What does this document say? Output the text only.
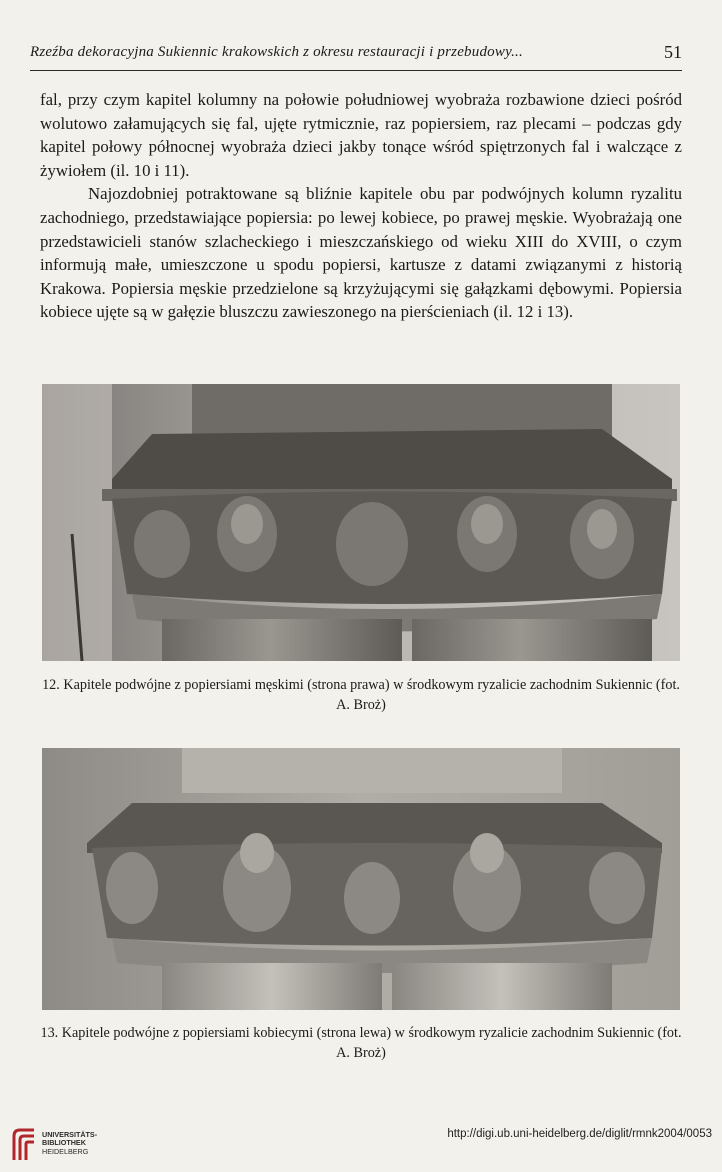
Rzeźba dekoracyjna Sukiennic krakowskich z okresu restauracji i przebudowy...	51

fal, przy czym kapitel kolumny na połowie południowej wyobraża rozbawione dzieci pośród wolutowo załamujących się fal, ujęte rytmicznie, raz popiersiem, raz plecami – podczas gdy kapitel połowy północnej wyobraża dzieci jakby tonące wśród spiętrzonych fal i walczące z żywiołem (il. 10 i 11).

Najozdobniej potraktowane są bliźnie kapitele obu par podwójnych kolumn ryzalitu zachodniego, przedstawiające popiersia: po lewej kobiece, po prawej męskie. Wyobrażają one przedstawicieli stanów szlacheckiego i mieszczańskiego od wieku XIII do XVIII, o czym informują małe, umieszczone u spodu popiersi, kartusze z datami związanymi z historią Krakowa. Popiersia męskie przedzielone są krzyżującymi się gałązkami dębowymi. Popiersia kobiece ujęte są w gałęzie bluszczu zawieszonego na pierścieniach (il. 12 i 13).

12. Kapitele podwójne z popiersiami męskimi (strona prawa) w środkowym ryzalicie zachodnim Sukiennic (fot. A. Broż)
13. Kapitele podwójne z popiersiami kobiecymi (strona lewa) w środkowym ryzalicie zachodnim Sukiennic (fot. A. Broż)
UNIVERSITÄTS-
BIBLIOTHEK
HEIDELBERG
http://digi.ub.uni-heidelberg.de/diglit/rmnk2004/0053
